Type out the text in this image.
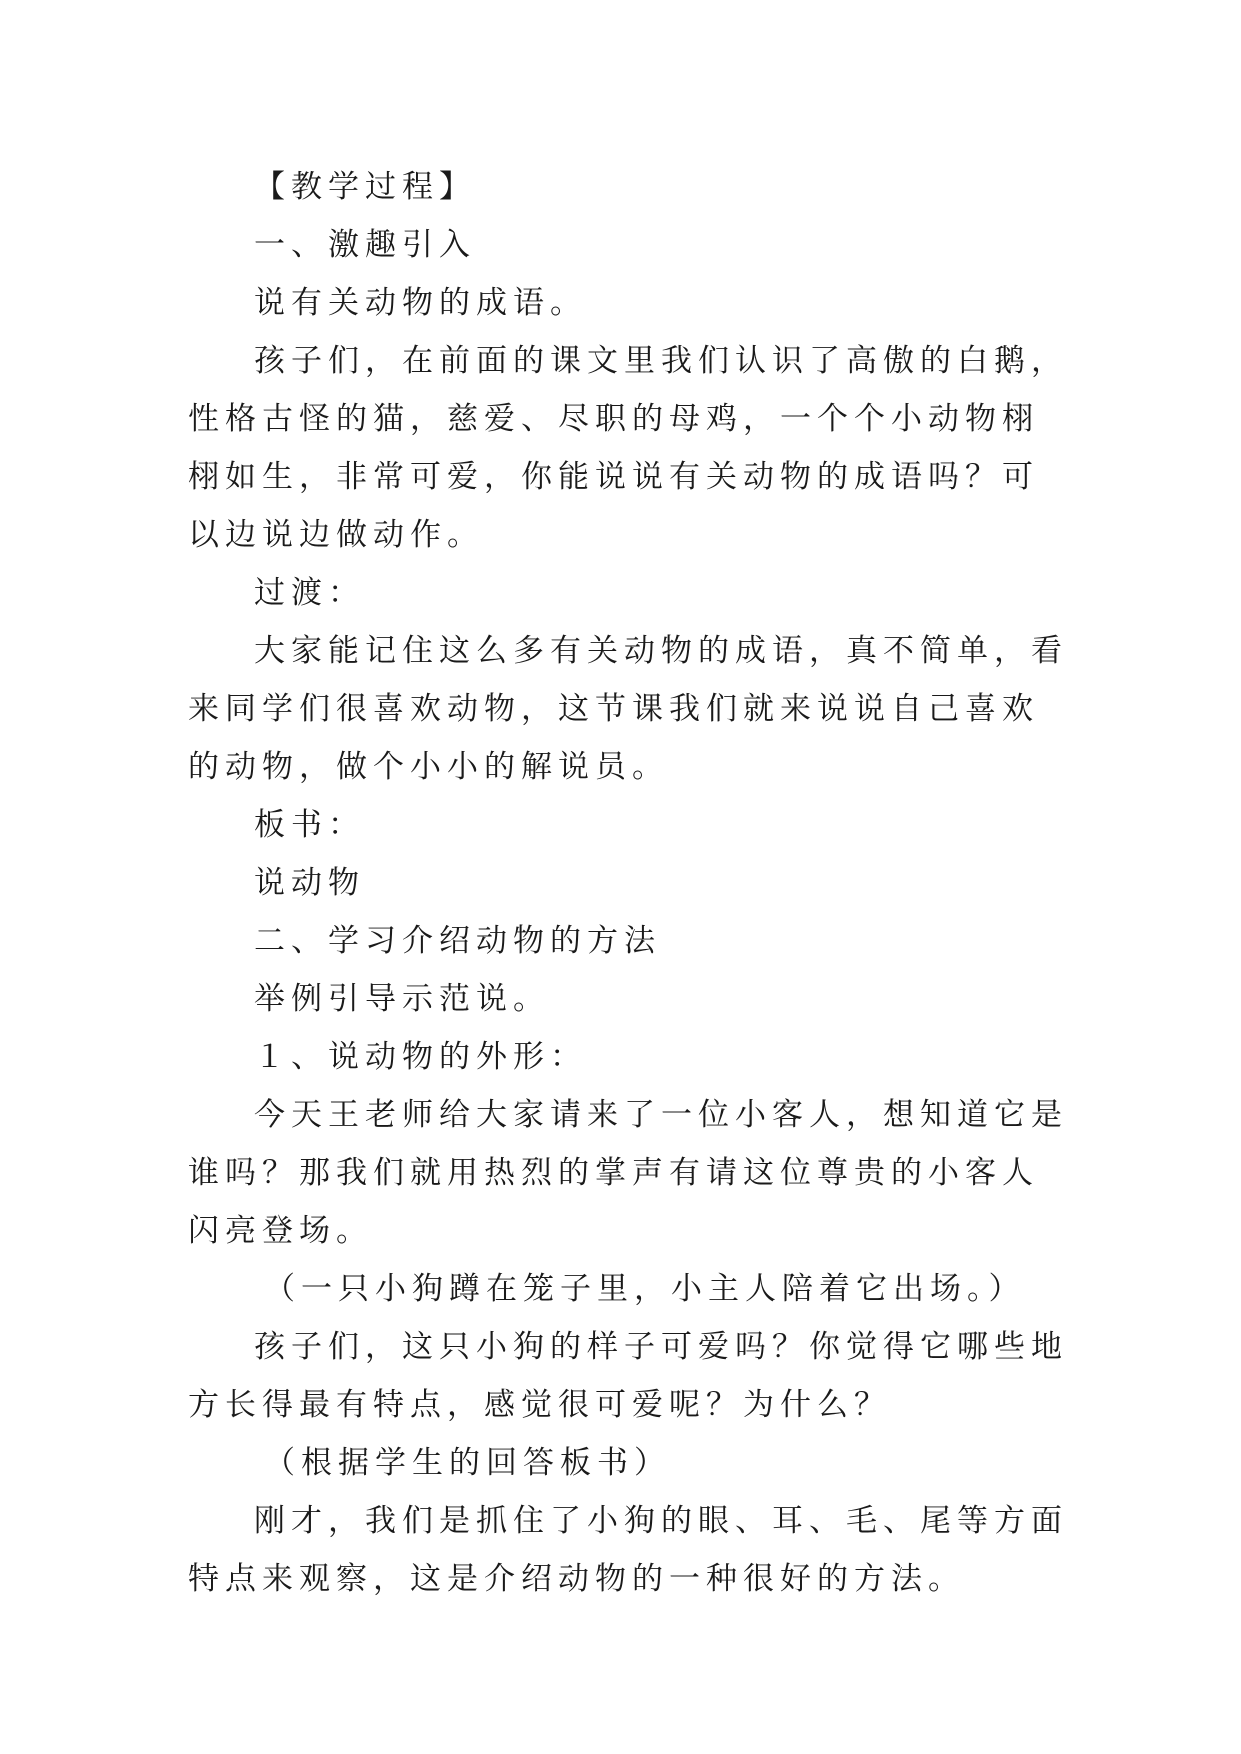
【教学过程】

一、激趣引入

说有关动物的成语。

孩子们，在前面的课文里我们认识了高傲的白鹅，性格古怪的猫，慈爱、尽职的母鸡，一个个小动物栩栩如生，非常可爱，你能说说有关动物的成语吗？可以边说边做动作。

过渡：

大家能记住这么多有关动物的成语，真不简单，看来同学们很喜欢动物，这节课我们就来说说自己喜欢的动物，做个小小的解说员。

板书：

说动物

二、学习介绍动物的方法

举例引导示范说。

１、说动物的外形：

今天王老师给大家请来了一位小客人，想知道它是谁吗？那我们就用热烈的掌声有请这位尊贵的小客人闪亮登场。

（一只小狗蹲在笼子里，小主人陪着它出场。）

孩子们，这只小狗的样子可爱吗？你觉得它哪些地方长得最有特点，感觉很可爱呢？为什么？

（根据学生的回答板书）

刚才，我们是抓住了小狗的眼、耳、毛、尾等方面特点来观察，这是介绍动物的一种很好的方法。
